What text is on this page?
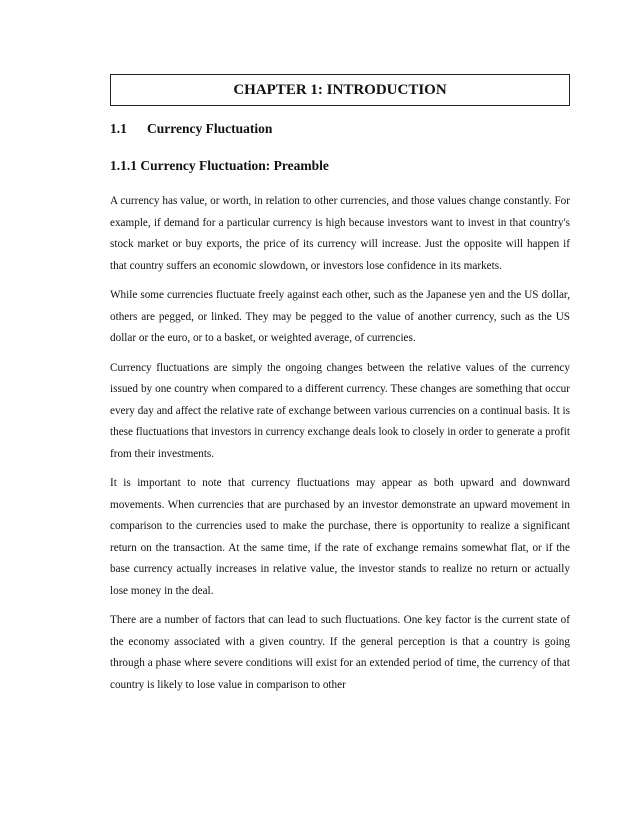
CHAPTER 1: INTRODUCTION
1.1 Currency Fluctuation
1.1.1 Currency Fluctuation: Preamble

A currency has value, or worth, in relation to other currencies, and those values change constantly. For example, if demand for a particular currency is high because investors want to invest in that country's stock market or buy exports, the price of its currency will increase. Just the opposite will happen if that country suffers an economic slowdown, or investors lose confidence in its markets.

While some currencies fluctuate freely against each other, such as the Japanese yen and the US dollar, others are pegged, or linked. They may be pegged to the value of another currency, such as the US dollar or the euro, or to a basket, or weighted average, of currencies.

Currency fluctuations are simply the ongoing changes between the relative values of the currency issued by one country when compared to a different currency. These changes are something that occur every day and affect the relative rate of exchange between various currencies on a continual basis. It is these fluctuations that investors in currency exchange deals look to closely in order to generate a profit from their investments.

It is important to note that currency fluctuations may appear as both upward and downward movements. When currencies that are purchased by an investor demonstrate an upward movement in comparison to the currencies used to make the purchase, there is opportunity to realize a significant return on the transaction. At the same time, if the rate of exchange remains somewhat flat, or if the base currency actually increases in relative value, the investor stands to realize no return or actually lose money in the deal.

There are a number of factors that can lead to such fluctuations. One key factor is the current state of the economy associated with a given country. If the general perception is that a country is going through a phase where severe conditions will exist for an extended period of time, the currency of that country is likely to lose value in comparison to other
